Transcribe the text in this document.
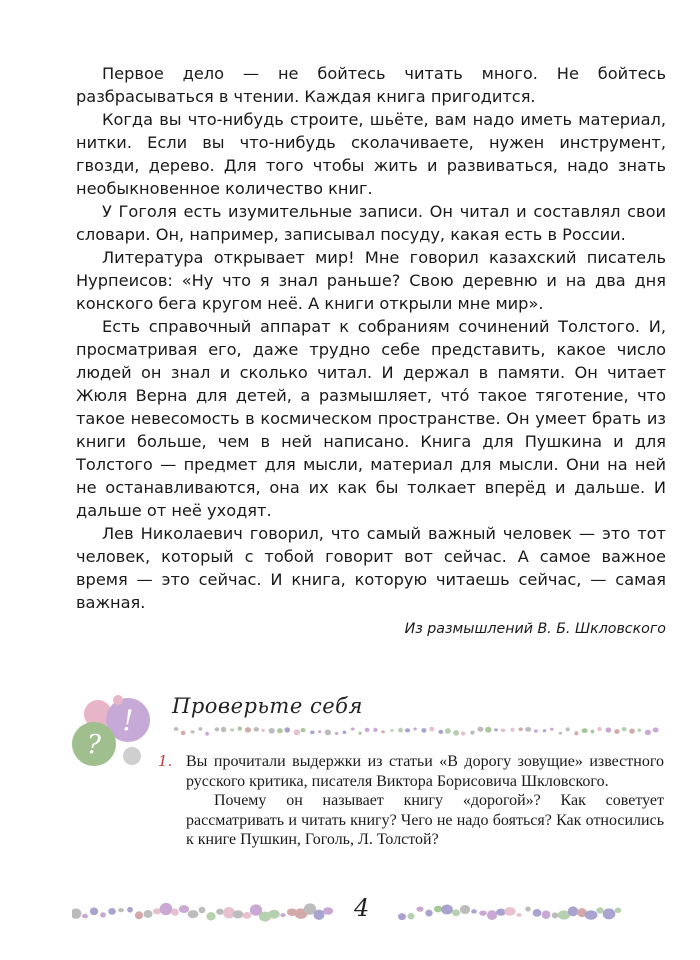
Первое дело — не бойтесь читать много. Не бойтесь разбрасываться в чтении. Каждая книга пригодится.

Когда вы что-нибудь строите, шьёте, вам надо иметь материал, нитки. Если вы что-нибудь сколачиваете, нужен инструмент, гвозди, дерево. Для того чтобы жить и развиваться, надо знать необыкновенное количество книг.

У Гоголя есть изумительные записи. Он читал и составлял свои словари. Он, например, записывал посуду, какая есть в России.

Литература открывает мир! Мне говорил казахский писатель Нурпеисов: «Ну что я знал раньше? Свою деревню и на два дня конского бега кругом неё. А книги открыли мне мир».

Есть справочный аппарат к собраниям сочинений Толстого. И, просматривая его, даже трудно себе представить, какое число людей он знал и сколько читал. И держал в памяти. Он читает Жюля Верна для детей, а размышляет, что́ такое тяготение, что такое невесомость в космическом пространстве. Он умеет брать из книги больше, чем в ней написано. Книга для Пушкина и для Толстого — предмет для мысли, материал для мысли. Они на ней не останавливаются, она их как бы толкает вперёд и дальше. И дальше от неё уходят.

Лев Николаевич говорил, что самый важный человек — это тот человек, который с тобой говорит вот сейчас. А самое важное время — это сейчас. И книга, которую читаешь сейчас, — самая важная.

Из размышлений В. Б. Шкловского
!
?
Проверьте себя
1. Вы прочитали выдержки из статьи «В дорогу зовущие» известного русского критика, писателя Виктора Борисовича Шкловского.

Почему он называет книгу «дорогой»? Как советует рассматривать и читать книгу? Чего не надо бояться? Как относились к книге Пушкин, Гоголь, Л. Толстой?

4
